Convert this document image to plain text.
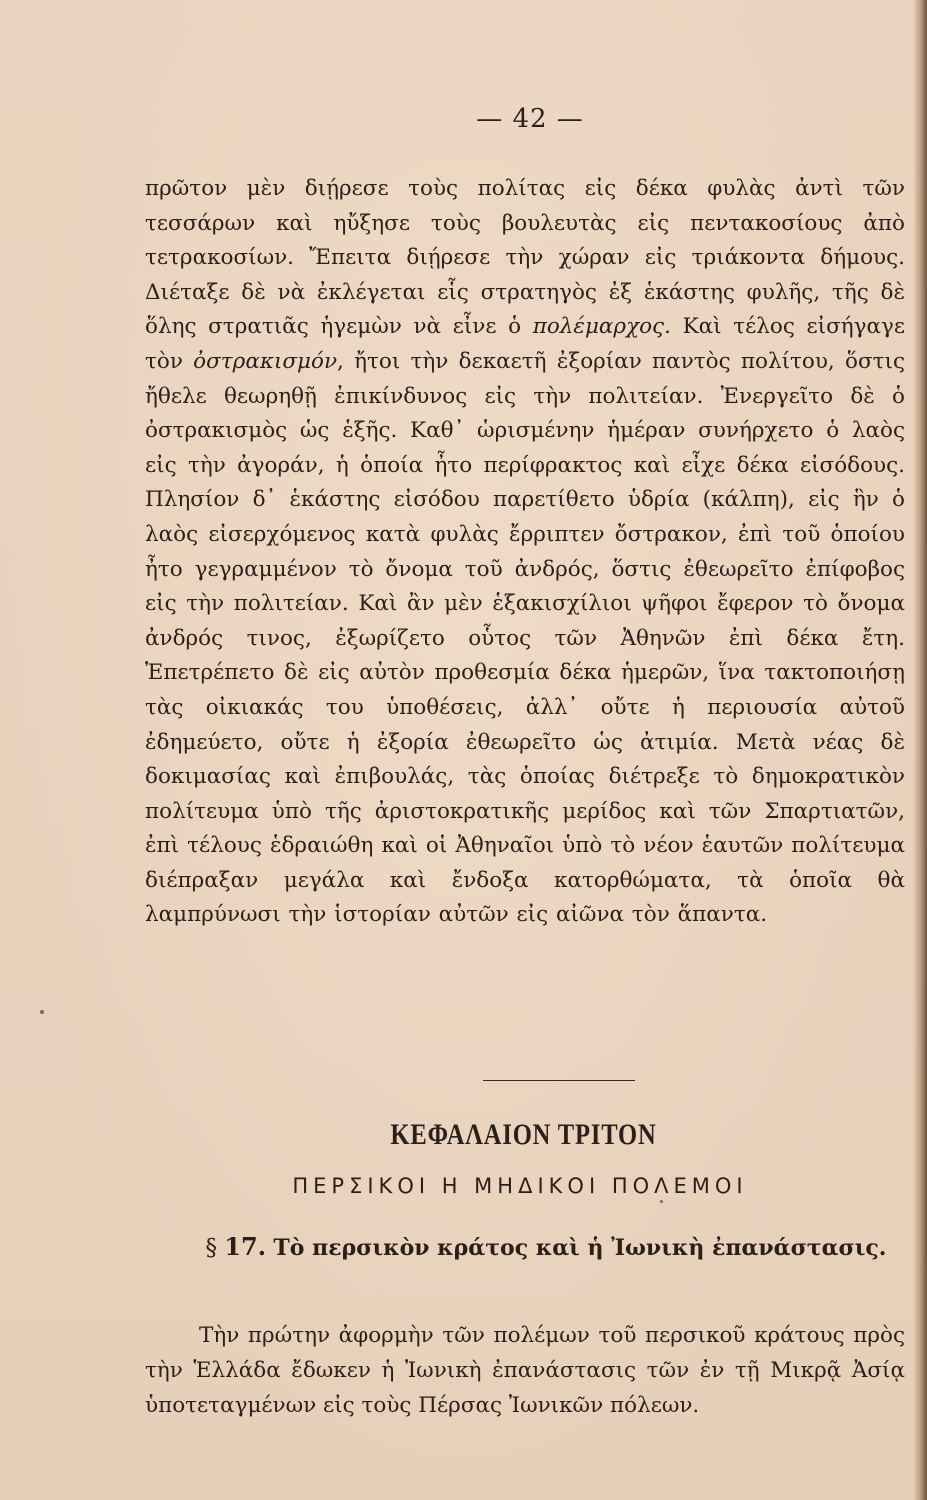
— 42 —

πρῶτον μὲν διῄρεσε τοὺς πολίτας εἰς δέκα φυλὰς ἀντὶ τῶν τεσσάρων καὶ ηὔξησε τοὺς βουλευτὰς εἰς πεντακοσίους ἀπὸ τετρακοσίων. Ἔπειτα διῄρεσε τὴν χώραν εἰς τριάκοντα δήμους. Διέταξε δὲ νὰ ἐκλέγεται εἷς στρατηγὸς ἐξ ἑκάστης φυλῆς, τῆς δὲ ὅλης στρατιᾶς ἡγεμὼν νὰ εἶνε ὁ πολέμαρχος. Καὶ τέλος εἰσήγαγε τὸν ὀστρακισμόν, ἤτοι τὴν δεκαετῆ ἐξορίαν παντὸς πολίτου, ὅστις ἤθελε θεωρηθῇ ἐπικίνδυνος εἰς τὴν πολιτείαν. Ἐνεργεῖτο δὲ ὁ ὀστρακισμὸς ὡς ἑξῆς. Καθ᾽ ὡρισμένην ἡμέραν συνήρχετο ὁ λαὸς εἰς τὴν ἀγοράν, ἡ ὁποία ἦτο περίφρακτος καὶ εἶχε δέκα εἰσόδους. Πλησίον δ᾽ ἑκάστης εἰσόδου παρετίθετο ὑδρία (κάλπη), εἰς ἣν ὁ λαὸς εἰσερχόμενος κατὰ φυλὰς ἔρριπτεν ὄστρακον, ἐπὶ τοῦ ὁποίου ἦτο γεγραμμένον τὸ ὄνομα τοῦ ἀνδρός, ὅστις ἐθεωρεῖτο ἐπίφοβος εἰς τὴν πολιτείαν. Καὶ ἂν μὲν ἑξακισχίλιοι ψῆφοι ἔφερον τὸ ὄνομα ἀνδρός τινος, ἐξωρίζετο οὗτος τῶν Ἀθηνῶν ἐπὶ δέκα ἔτη. Ἐπετρέπετο δὲ εἰς αὐτὸν προθεσμία δέκα ἡμερῶν, ἵνα τακτοποιήσῃ τὰς οἰκιακάς του ὑποθέσεις, ἀλλ᾽ οὔτε ἡ περιουσία αὐτοῦ ἐδημεύετο, οὔτε ἡ ἐξορία ἐθεωρεῖτο ὡς ἀτιμία. Μετὰ νέας δὲ δοκιμασίας καὶ ἐπιβουλάς, τὰς ὁποίας διέτρεξε τὸ δημοκρατικὸν πολίτευμα ὑπὸ τῆς ἀριστοκρατικῆς μερίδος καὶ τῶν Σπαρτιατῶν, ἐπὶ τέλους ἑδραιώθη καὶ οἱ Ἀθηναῖοι ὑπὸ τὸ νέον ἑαυτῶν πολίτευμα διέπραξαν μεγάλα καὶ ἔνδοξα κατορθώματα, τὰ ὁποῖα θὰ λαμπρύνωσι τὴν ἱστορίαν αὐτῶν εἰς αἰῶνα τὸν ἅπαντα.

ΚΕΦΑΛΑΙΟΝ ΤΡΙΤΟΝ
ΠΕΡΣΙΚΟΙ Η ΜΗΔΙΚΟΙ ΠΟΛΕΜΟΙ

§ 17. Τὸ περσικὸν κράτος καὶ ἡ Ἰωνικὴ ἐπανάστασις.

Τὴν πρώτην ἀφορμὴν τῶν πολέμων τοῦ περσικοῦ κράτους πρὸς τὴν Ἑλλάδα ἔδωκεν ἡ Ἰωνικὴ ἐπανάστασις τῶν ἐν τῇ Μικρᾷ Ἀσίᾳ ὑποτεταγμένων εἰς τοὺς Πέρσας Ἰωνικῶν πόλεων.
